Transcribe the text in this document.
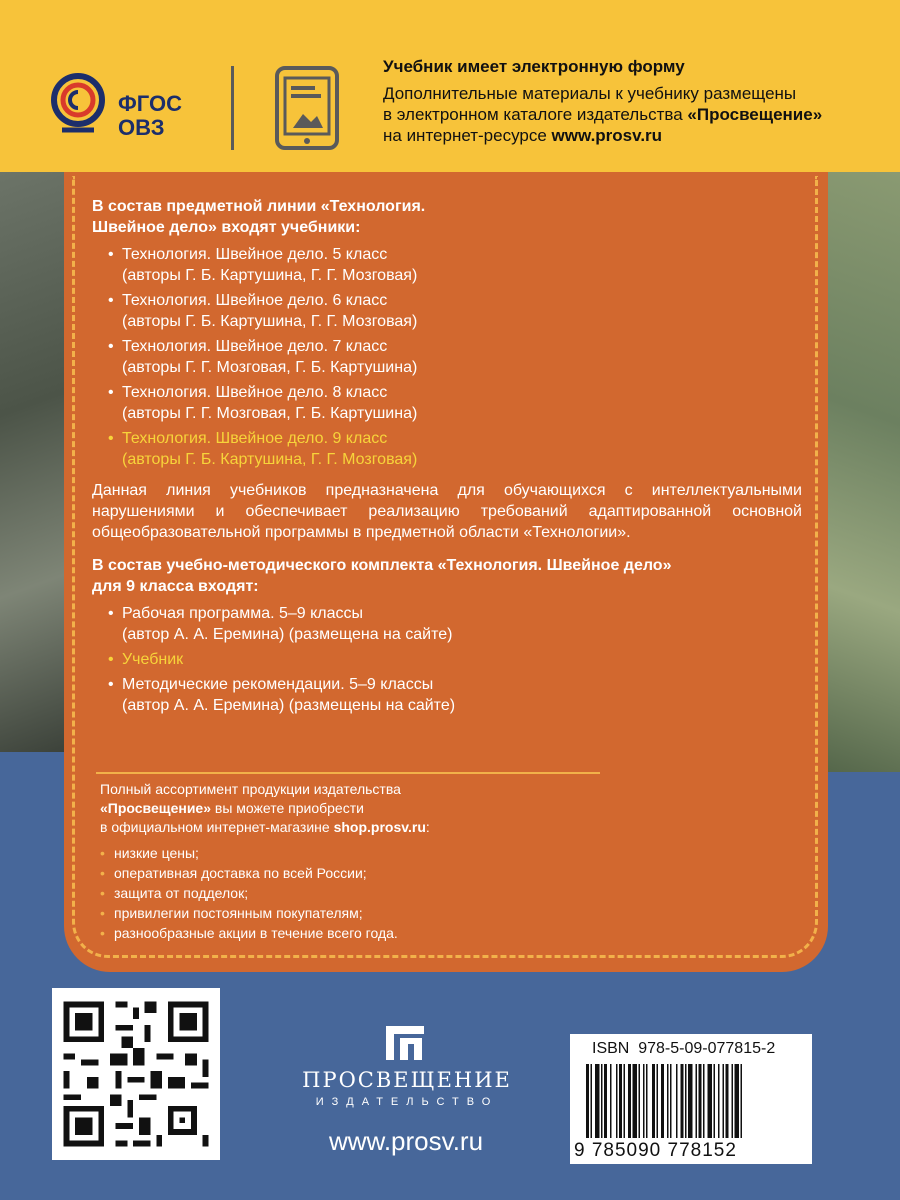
ФГОС
ОВЗ
Учебник имеет электронную форму
Дополнительные материалы к учебнику размещены
в электронном каталоге издательства «Просвещение»
на интернет-ресурсе www.prosv.ru
В состав предметной линии «Технология.
Швейное дело» входят учебники:
• Технология. Швейное дело. 5 класс
(авторы Г. Б. Картушина, Г. Г. Мозговая)
• Технология. Швейное дело. 6 класс
(авторы Г. Б. Картушина, Г. Г. Мозговая)
• Технология. Швейное дело. 7 класс
(авторы Г. Г. Мозговая, Г. Б. Картушина)
• Технология. Швейное дело. 8 класс
(авторы Г. Г. Мозговая, Г. Б. Картушина)
• Технология. Швейное дело. 9 класс
(авторы Г. Б. Картушина, Г. Г. Мозговая)
Данная линия учебников предназначена для обучающихся с интеллектуальными нарушениями и обеспечивает реализацию требований адаптированной основной общеобразовательной программы в предметной области «Технологии».
В состав учебно-методического комплекта «Технология. Швейное дело»
для 9 класса входят:
• Рабочая программа. 5–9 классы
(автор А. А. Еремина) (размещена на сайте)
• Учебник
• Методические рекомендации. 5–9 классы
(автор А. А. Еремина) (размещены на сайте)
Полный ассортимент продукции издательства
«Просвещение» вы можете приобрести
в официальном интернет-магазине shop.prosv.ru:
• низкие цены;
• оперативная доставка по всей России;
• защита от подделок;
• привилегии постоянным покупателям;
• разнообразные акции в течение всего года.
ПРОСВЕЩЕНИЕ
ИЗДАТЕЛЬСТВО
www.prosv.ru
ISBN 978-5-09-077815-2
9 785090 778152
